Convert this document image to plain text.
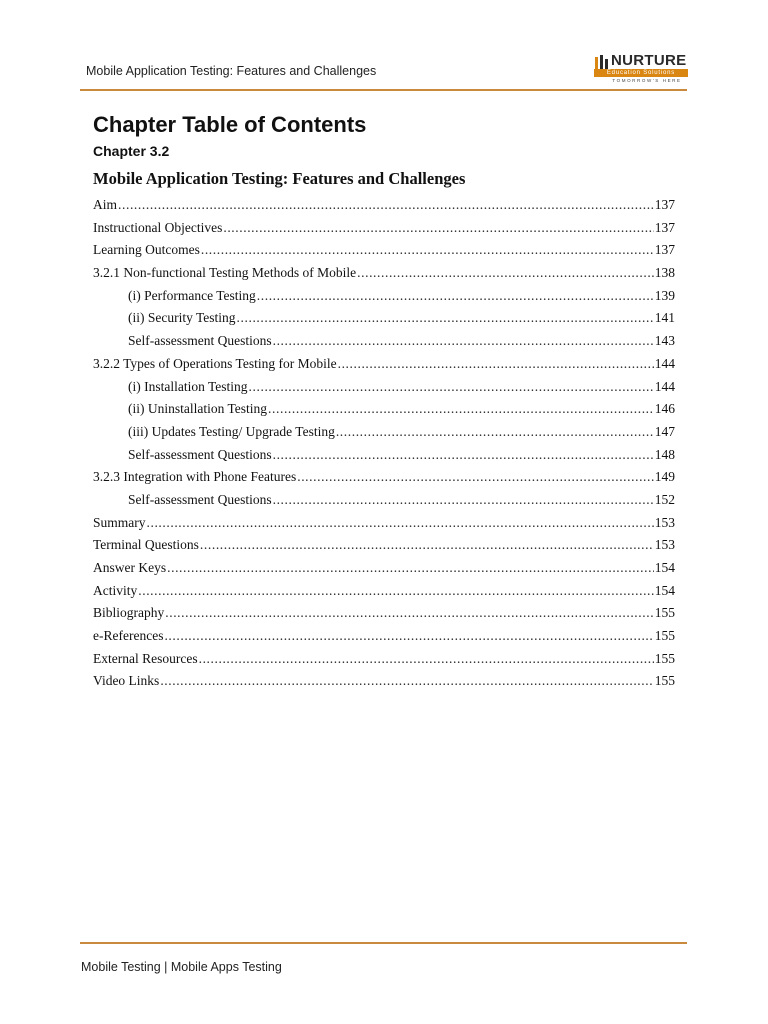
Mobile Application Testing: Features and Challenges
NURTURE
Education Solutions
TOMORROW'S HERE
Chapter Table of Contents
Chapter 3.2
Mobile Application Testing: Features and Challenges
Aim .....	137
Instructional Objectives .....	137
Learning Outcomes .....	137
3.2.1 Non-functional Testing Methods of Mobile .....	138
(i) Performance Testing .....	139
(ii) Security Testing .....	141
Self-assessment Questions .....	143
3.2.2 Types of Operations Testing for Mobile .....	144
(i) Installation Testing .....	144
(ii) Uninstallation Testing .....	146
(iii) Updates Testing/ Upgrade Testing .....	147
Self-assessment Questions .....	148
3.2.3 Integration with Phone Features .....	149
Self-assessment Questions .....	152
Summary .....	153
Terminal Questions .....	153
Answer Keys .....	154
Activity .....	154
Bibliography .....	155
e-References .....	155
External Resources .....	155
Video Links .....	155
Mobile Testing | Mobile Apps Testing
